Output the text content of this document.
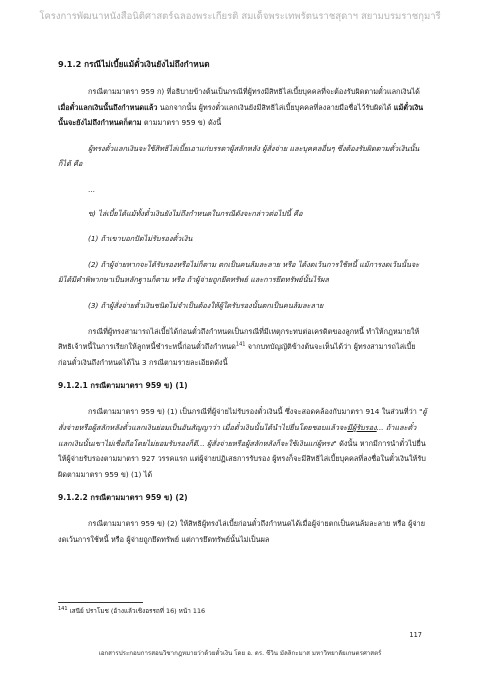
โครงการพัฒนาหนังสือนิติศาสตร์ฉลองพระเกียรติ สมเด็จพระเทพรัตนราชสุดาฯ สยามบรมราชกุมารี
9.1.2 กรณีไม่เบี้ยแม้ตั๋วเงินยังไม่ถึงกำหนด

กรณีตามมาตรา 959 ก) ที่อธิบายข้างต้นเป็นกรณีที่ผู้ทรงมีสิทธิไล่เบี้ยบุคคลที่จะต้องรับผิดตามตั๋วแลกเงินได้ เมื่อตั๋วแลกเงินนั้นถึงกำหนดแล้ว นอกจากนั้น ผู้ทรงตั๋วแลกเงินยังมีสิทธิไล่เบี้ยบุคคลที่ลงลายมือชื่อไว้รับผิดได้ แม้ตั๋วเงินนั้นจะยังไม่ถึงกำหนดก็ตาม ตามมาตรา 959 ข) ดังนี้

ผู้ทรงตั๋วแลกเงินจะใช้สิทธิไล่เบี้ยเอาแก่บรรดาผู้สลักหลัง ผู้สั่งจ่าย และบุคคลอื่นๆ ซึ่งต้องรับผิดตามตั๋วเงินนั้นก็ได้ คือ

...

ข) ไล่เบี้ยได้แม้ทั้งตั๋วเงินยังไม่ถึงกำหนดในกรณีดังจะกล่าวต่อไปนี้ คือ

(1) ถ้าเขาบอกปัดไม่รับรองตั๋วเงิน

(2) ถ้าผู้จ่ายหากจะได้รับรองหรือไม่ก็ตาม ตกเป็นคนล้มละลาย หรือ ได้งดเว้นการใช้หนี้ แม้การงดเว้นนั้นจะมิได้มีคำพิพากษาเป็นหลักฐานก็ตาม หรือ ถ้าผู้จ่ายถูกยึดทรัพย์ และการยึดทรัพย์นั้นไร้ผล

(3) ถ้าผู้สั่งจ่ายตั๋วเงินชนิดไม่จำเป็นต้องให้ผู้ใดรับรองนั้นตกเป็นคนล้มละลาย

กรณีที่ผู้ทรงสามารถไล่เบี้ยได้ก่อนตั๋วถึงกำหนดเป็นกรณีที่มีเหตุกระทบต่อเครดิตของลูกหนี้ ทำให้กฎหมายให้สิทธิเจ้าหนี้ในการเรียกให้ลูกหนี้ชำระหนี้ก่อนตั๋วถึงกำหนด$^{141}$ จากบทบัญญัติข้างต้นจะเห็นได้ว่า ผู้ทรงสามารถไล่เบี้ยก่อนตั๋วเงินถึงกำหนดได้ใน 3 กรณีตามรายละเอียดดังนี้

9.1.2.1 กรณีตามมาตรา 959 ข) (1)

กรณีตามมาตรา 959 ข) (1) เป็นกรณีที่ผู้จ่ายไม่รับรองตั๋วเงินนี้ ซึ่งจะสอดคล้องกับมาตรา 914 ในส่วนที่ว่า "ผู้สั่งจ่ายหรือผู้สลักหลังตั๋วแลกเงินย่อมเป็นอันสัญญาว่า เมื่อตั๋วเงินนั้นได้นำไปยื่นโดยชอบแล้วจะมีผู้รับรอง... ถ้าและตั๋วแลกเงินนั้นเขาไม่เชื่อถือโดยไม่ยอมรับรองก็ดี... ผู้สั่งจ่ายหรือผู้สลักหลังก็จะใช้เงินแก่ผู้ทรง" ดังนั้น หากมีการนำตั๋วไปยื่นให้ผู้จ่ายรับรองตามมาตรา 927 วรรคแรก แต่ผู้จ่ายปฏิเสธการรับรอง ผู้ทรงก็จะมีสิทธิไล่เบี้ยบุคคลที่ลงชื่อในตั๋วเงินให้รับผิดตามมาตรา 959 ข) (1) ได้

9.1.2.2 กรณีตามมาตรา 959 ข) (2)

กรณีตามมาตรา 959 ข) (2) ให้สิทธิผู้ทรงไล่เบี้ยก่อนตั๋วถึงกำหนดได้เมื่อผู้จ่ายตกเป็นคนล้มละลาย หรือ ผู้จ่ายงดเว้นการใช้หนี้ หรือ ผู้จ่ายถูกยึดทรัพย์ แต่การยึดทรัพย์นั้นไม่เป็นผล

$^{141}$ เสนีย์ ปราโมช (อ้างแล้วเชิงอรรถที่ 16) หน้า 116
117
เอกสารประกอบการสอนวิชากฎหมายว่าด้วยตั๋วเงิน โดย อ. ดร. ชีวิน มัลลิกะมาส มหาวิทยาลัยเกษตรศาสตร์
